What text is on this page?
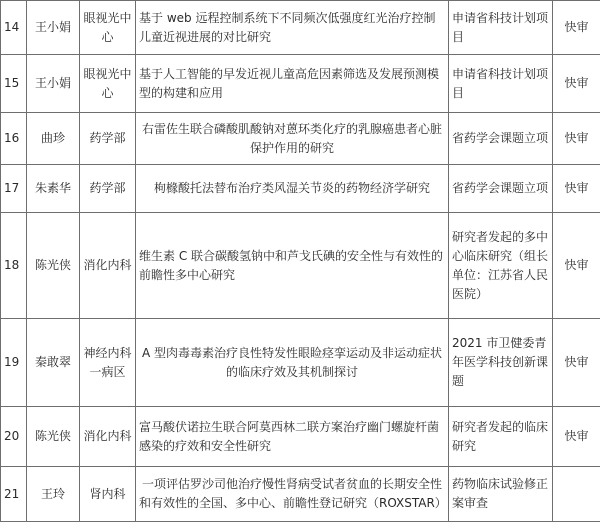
14	王小娟	眼视光中心	基于 web 远程控制系统下不同频次低强度红光治疗控制儿童近视进展的对比研究	申请省科技计划项目	快审
15	王小娟	眼视光中心	基于人工智能的早发近视儿童高危因素筛选及发展预测模型的构建和应用	申请省科技计划项目	快审
16	曲珍	药学部	右雷佐生联合磷酸肌酸钠对蒽环类化疗的乳腺癌患者心脏保护作用的研究	省药学会课题立项	快审
17	朱素华	药学部	枸橼酸托法替布治疗类风湿关节炎的药物经济学研究	省药学会课题立项	快审
18	陈光侠	消化内科	维生素 C 联合碳酸氢钠中和芦戈氏碘的安全性与有效性的前瞻性多中心研究	研究者发起的多中心临床研究（组长单位：江苏省人民医院）	快审
19	秦敢翠	神经内科一病区	A 型肉毒毒素治疗良性特发性眼睑痉挛运动及非运动症状的临床疗效及其机制探讨	2021 市卫健委青年医学科技创新课题	快审
20	陈光侠	消化内科	富马酸伏诺拉生联合阿莫西林二联方案治疗幽门螺旋杆菌感染的疗效和安全性研究	研究者发起的临床研究	快审
21	王玲	肾内科	一项评估罗沙司他治疗慢性肾病受试者贫血的长期安全性和有效性的全国、多中心、前瞻性登记研究（ROXSTAR）	药物临床试验修正案审查	
